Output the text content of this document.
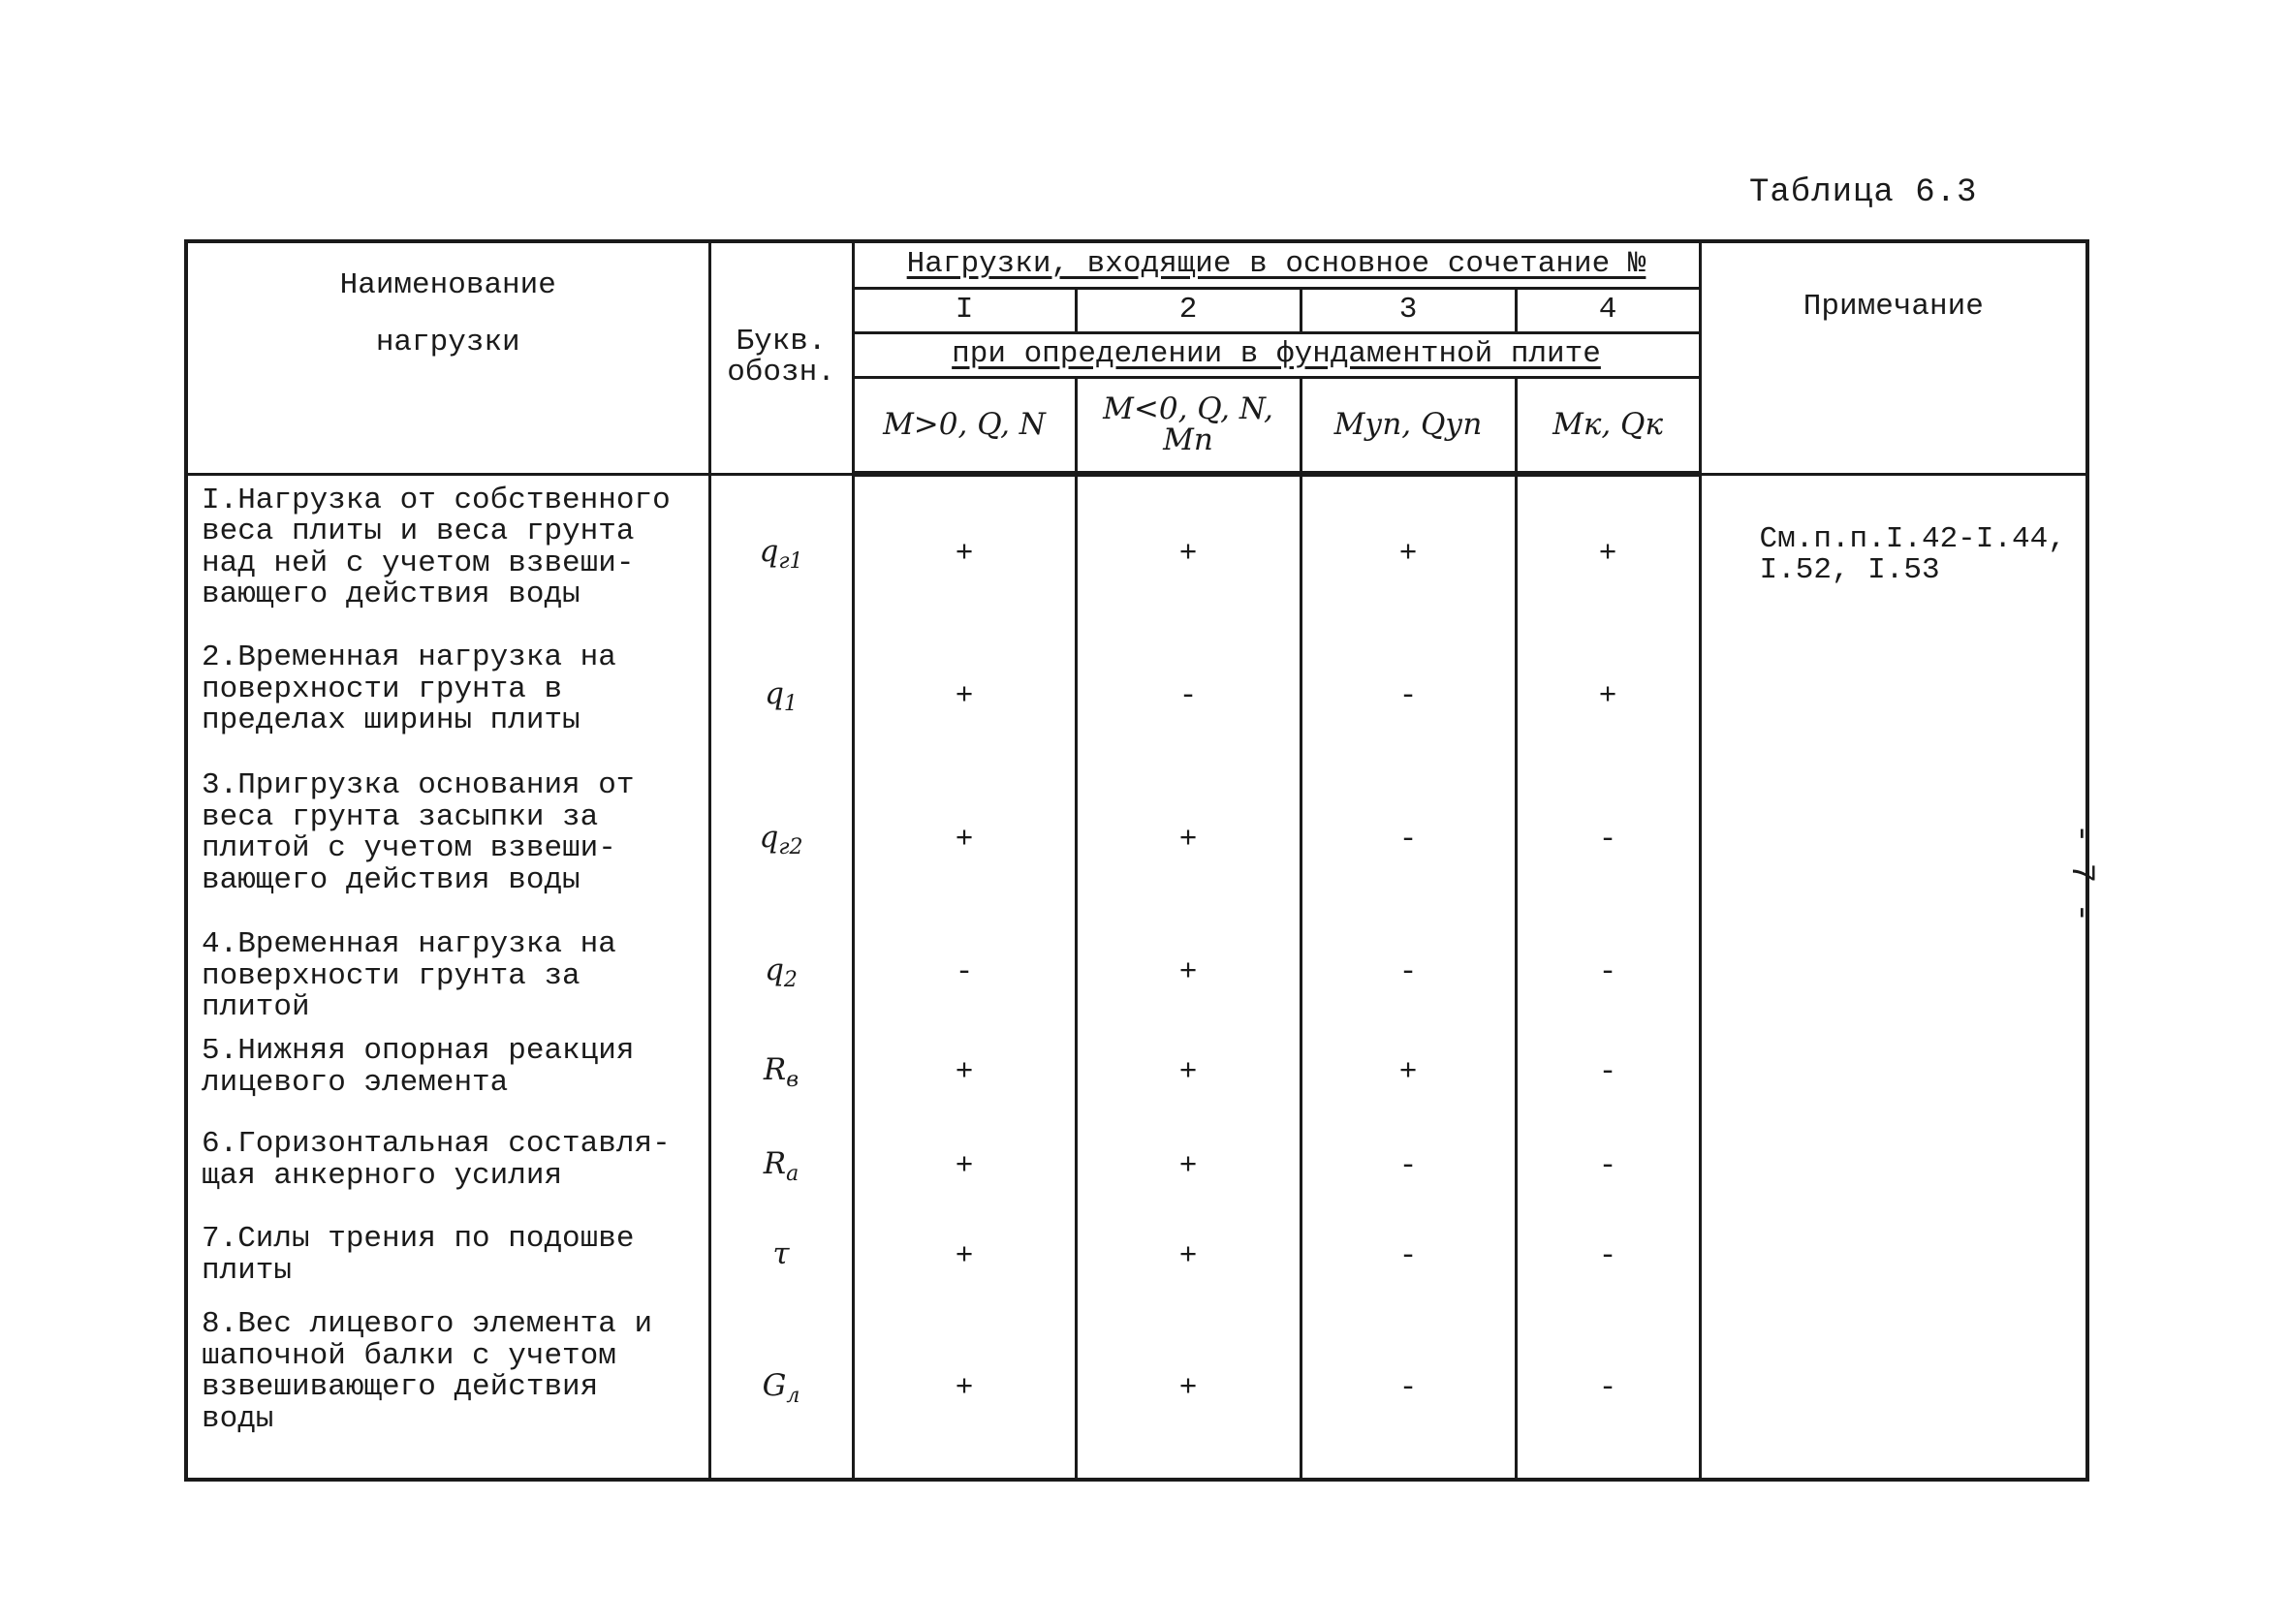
Таблица 6.3
- 7 -
Наименование
нагрузки	Букв. обозн.	Нагрузки, входящие в основное сочетание №				Примечание
		I	2	3	4	
		при определении в фундаментной плите				
		M>0, Q, N	M<0, Q, N, Mп	Mуп, Qуп	Mк, Qк	
I.Нагрузка от собственного
веса плиты и веса грунта
над ней с учетом взвеши-
вающего действия воды	$q_{г1}$	+	+	+	+	См.п.п.I.42-I.44,
I.52, I.53
2.Временная нагрузка на
поверхности грунта в
пределах ширины плиты	$q_1$	+	-	-	+	
3.Пригрузка основания от
веса грунта засыпки за
плитой с учетом взвеши-
вающего действия воды	$q_{г2}$	+	+	-	-	
4.Временная нагрузка на
поверхности грунта за
плитой	$q_2$	-	+	-	-	
5.Нижняя опорная реакция
лицевого элемента	$R_в$	+	+	+	-	
6.Горизонтальная составля-
щая анкерного усилия	$R_a$	+	+	-	-	
7.Силы трения по подошве
плиты	τ	+	+	-	-	
8.Вес лицевого элемента и
шапочной балки с учетом
взвешивающего действия
воды	$G_л$	+	+	-	-	
